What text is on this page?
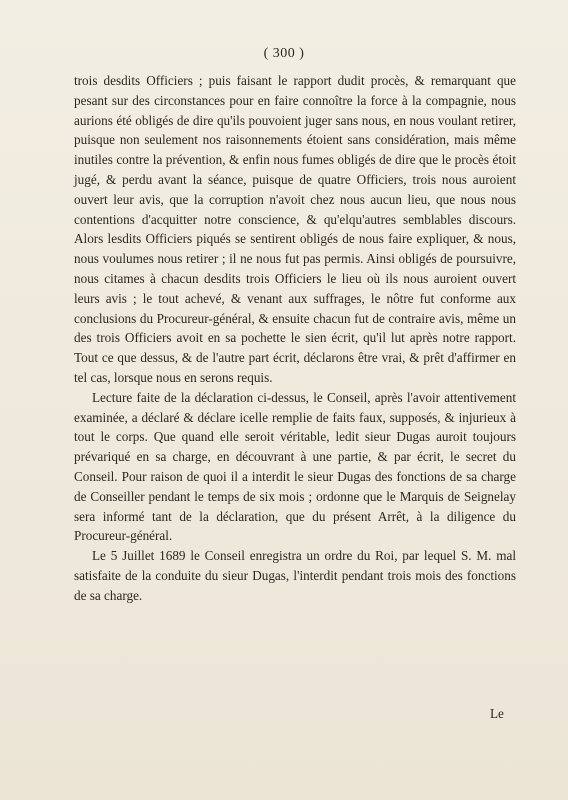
( 300 )

trois desdits Officiers ; puis faisant le rapport dudit procès, & remarquant que pesant sur des circonstances pour en faire connoître la force à la compagnie, nous aurions été obligés de dire qu'ils pouvoient juger sans nous, en nous voulant retirer, puisque non seulement nos raisonnements étoient sans considération, mais même inutiles contre la prévention, & enfin nous fumes obligés de dire que le procès étoit jugé, & perdu avant la séance, puisque de quatre Officiers, trois nous auroient ouvert leur avis, que la corruption n'avoit chez nous aucun lieu, que nous nous contentions d'acquitter notre conscience, & qu'elqu'autres semblables discours. Alors lesdits Officiers piqués se sentirent obligés de nous faire expliquer, & nous, nous voulumes nous retirer ; il ne nous fut pas permis. Ainsi obligés de poursuivre, nous citames à chacun desdits trois Officiers le lieu où ils nous auroient ouvert leurs avis ; le tout achevé, & venant aux suffrages, le nôtre fut conforme aux conclusions du Procureur-général, & ensuite chacun fut de contraire avis, même un des trois Officiers avoit en sa pochette le sien écrit, qu'il lut après notre rapport. Tout ce que dessus, & de l'autre part écrit, déclarons être vrai, & prêt d'affirmer en tel cas, lorsque nous en serons requis.

Lecture faite de la déclaration ci-dessus, le Conseil, après l'avoir attentivement examinée, a déclaré & déclare icelle remplie de faits faux, supposés, & injurieux à tout le corps. Que quand elle seroit véritable, ledit sieur Dugas auroit toujours prévariqué en sa charge, en découvrant à une partie, & par écrit, le secret du Conseil. Pour raison de quoi il a interdit le sieur Dugas des fonctions de sa charge de Conseiller pendant le temps de six mois ; ordonne que le Marquis de Seignelay sera informé tant de la déclaration, que du présent Arrêt, à la diligence du Procureur-général.

Le 5 Juillet 1689 le Conseil enregistra un ordre du Roi, par lequel S. M. mal satisfaite de la conduite du sieur Dugas, l'interdit pendant trois mois des fonctions de sa charge.

Le
